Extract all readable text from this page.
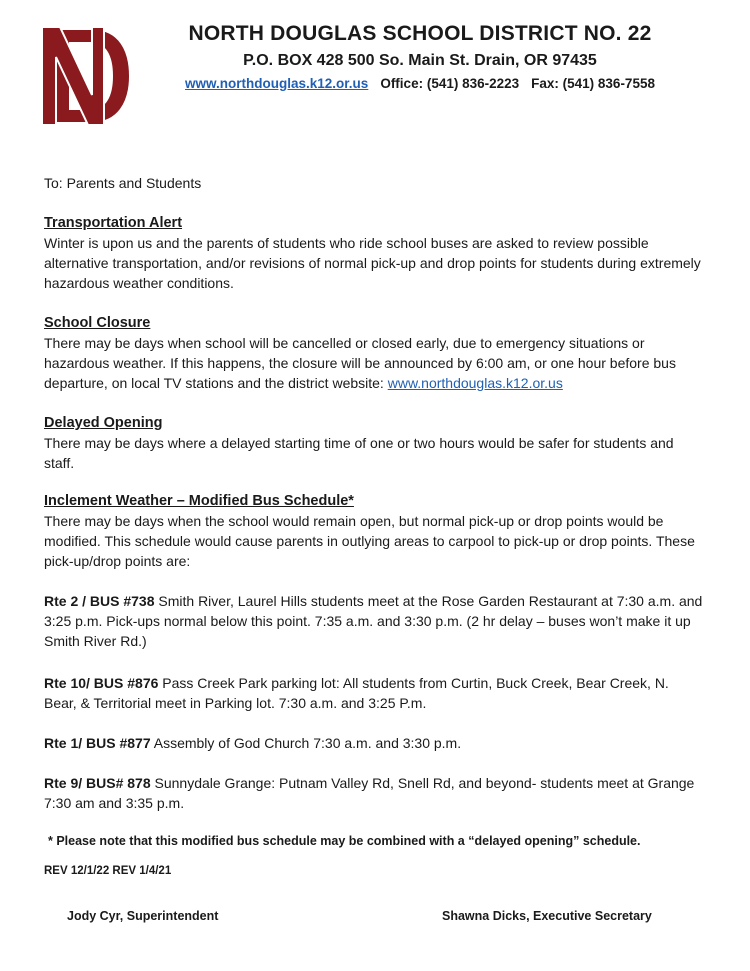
NORTH DOUGLAS SCHOOL DISTRICT NO. 22
P.O. BOX 428 500 So. Main St. Drain, OR 97435
www.northdouglas.k12.or.us Office: (541) 836-2223 Fax: (541) 836-7558

To: Parents and Students

Transportation Alert

Winter is upon us and the parents of students who ride school buses are asked to review possible alternative transportation, and/or revisions of normal pick-up and drop points for students during extremely hazardous weather conditions.

School Closure

There may be days when school will be cancelled or closed early, due to emergency situations or hazardous weather. If this happens, the closure will be announced by 6:00 am, or one hour before bus departure, on local TV stations and the district website: www.northdouglas.k12.or.us

Delayed Opening

There may be days where a delayed starting time of one or two hours would be safer for students and staff.

Inclement Weather – Modified Bus Schedule*

There may be days when the school would remain open, but normal pick-up or drop points would be modified. This schedule would cause parents in outlying areas to carpool to pick-up or drop points. These pick-up/drop points are:

Rte 2 / BUS #738 Smith River, Laurel Hills students meet at the Rose Garden Restaurant at 7:30 a.m. and 3:25 p.m. Pick-ups normal below this point. 7:35 a.m. and 3:30 p.m. (2 hr delay – buses won’t make it up Smith River Rd.)

Rte 10/ BUS #876 Pass Creek Park parking lot: All students from Curtin, Buck Creek, Bear Creek, N. Bear, & Territorial meet in Parking lot. 7:30 a.m. and 3:25 P.m.

Rte 1/ BUS #877 Assembly of God Church 7:30 a.m. and 3:30 p.m.

Rte 9/ BUS# 878 Sunnydale Grange: Putnam Valley Rd, Snell Rd, and beyond- students meet at Grange 7:30 am and 3:35 p.m.

* Please note that this modified bus schedule may be combined with a “delayed opening” schedule.

REV 12/1/22 REV 1/4/21
Jody Cyr, Superintendent	Shawna Dicks, Executive Secretary
